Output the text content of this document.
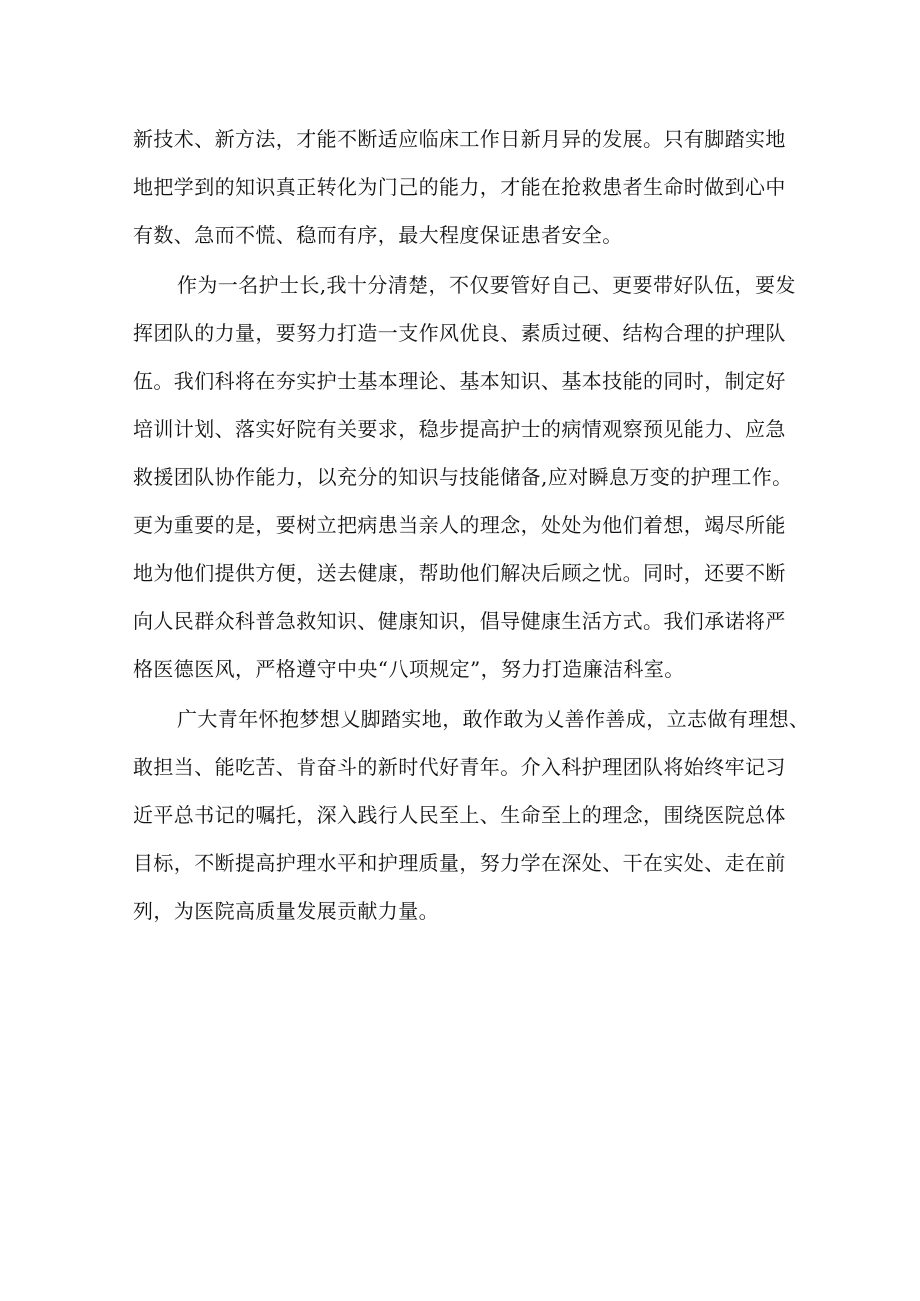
新技术、新方法，才能不断适应临床工作日新月异的发展。只有脚踏实地
地把学到的知识真正转化为门己的能力，才能在抢救患者生命时做到心中
有数、急而不慌、稳而有序，最大程度保证患者安全。
作为一名护士长,我十分清楚，不仅要管好自己、更要带好队伍，要发
挥团队的力量，要努力打造一支作风优良、素质过硬、结构合理的护理队
伍。我们科将在夯实护士基本理论、基本知识、基本技能的同时，制定好
培训计划、落实好院有关要求，稳步提高护士的病情观察预见能力、应急
救援团队协作能力，以充分的知识与技能储备,应对瞬息万变的护理工作。
更为重要的是，要树立把病患当亲人的理念，处处为他们着想，竭尽所能
地为他们提供方便，送去健康，帮助他们解决后顾之忧。同时，还要不断
向人民群众科普急救知识、健康知识，倡导健康生活方式。我们承诺将严
格医德医风，严格遵守中央“八项规定”，努力打造廉洁科室。
广大青年怀抱梦想乂脚踏实地，敢作敢为乂善作善成，立志做有理想、
敢担当、能吃苦、肯奋斗的新时代好青年。介入科护理团队将始终牢记习
近平总书记的嘱托，深入践行人民至上、生命至上的理念，围绕医院总体
目标，不断提高护理水平和护理质量，努力学在深处、干在实处、走在前
列，为医院高质量发展贡献力量。
